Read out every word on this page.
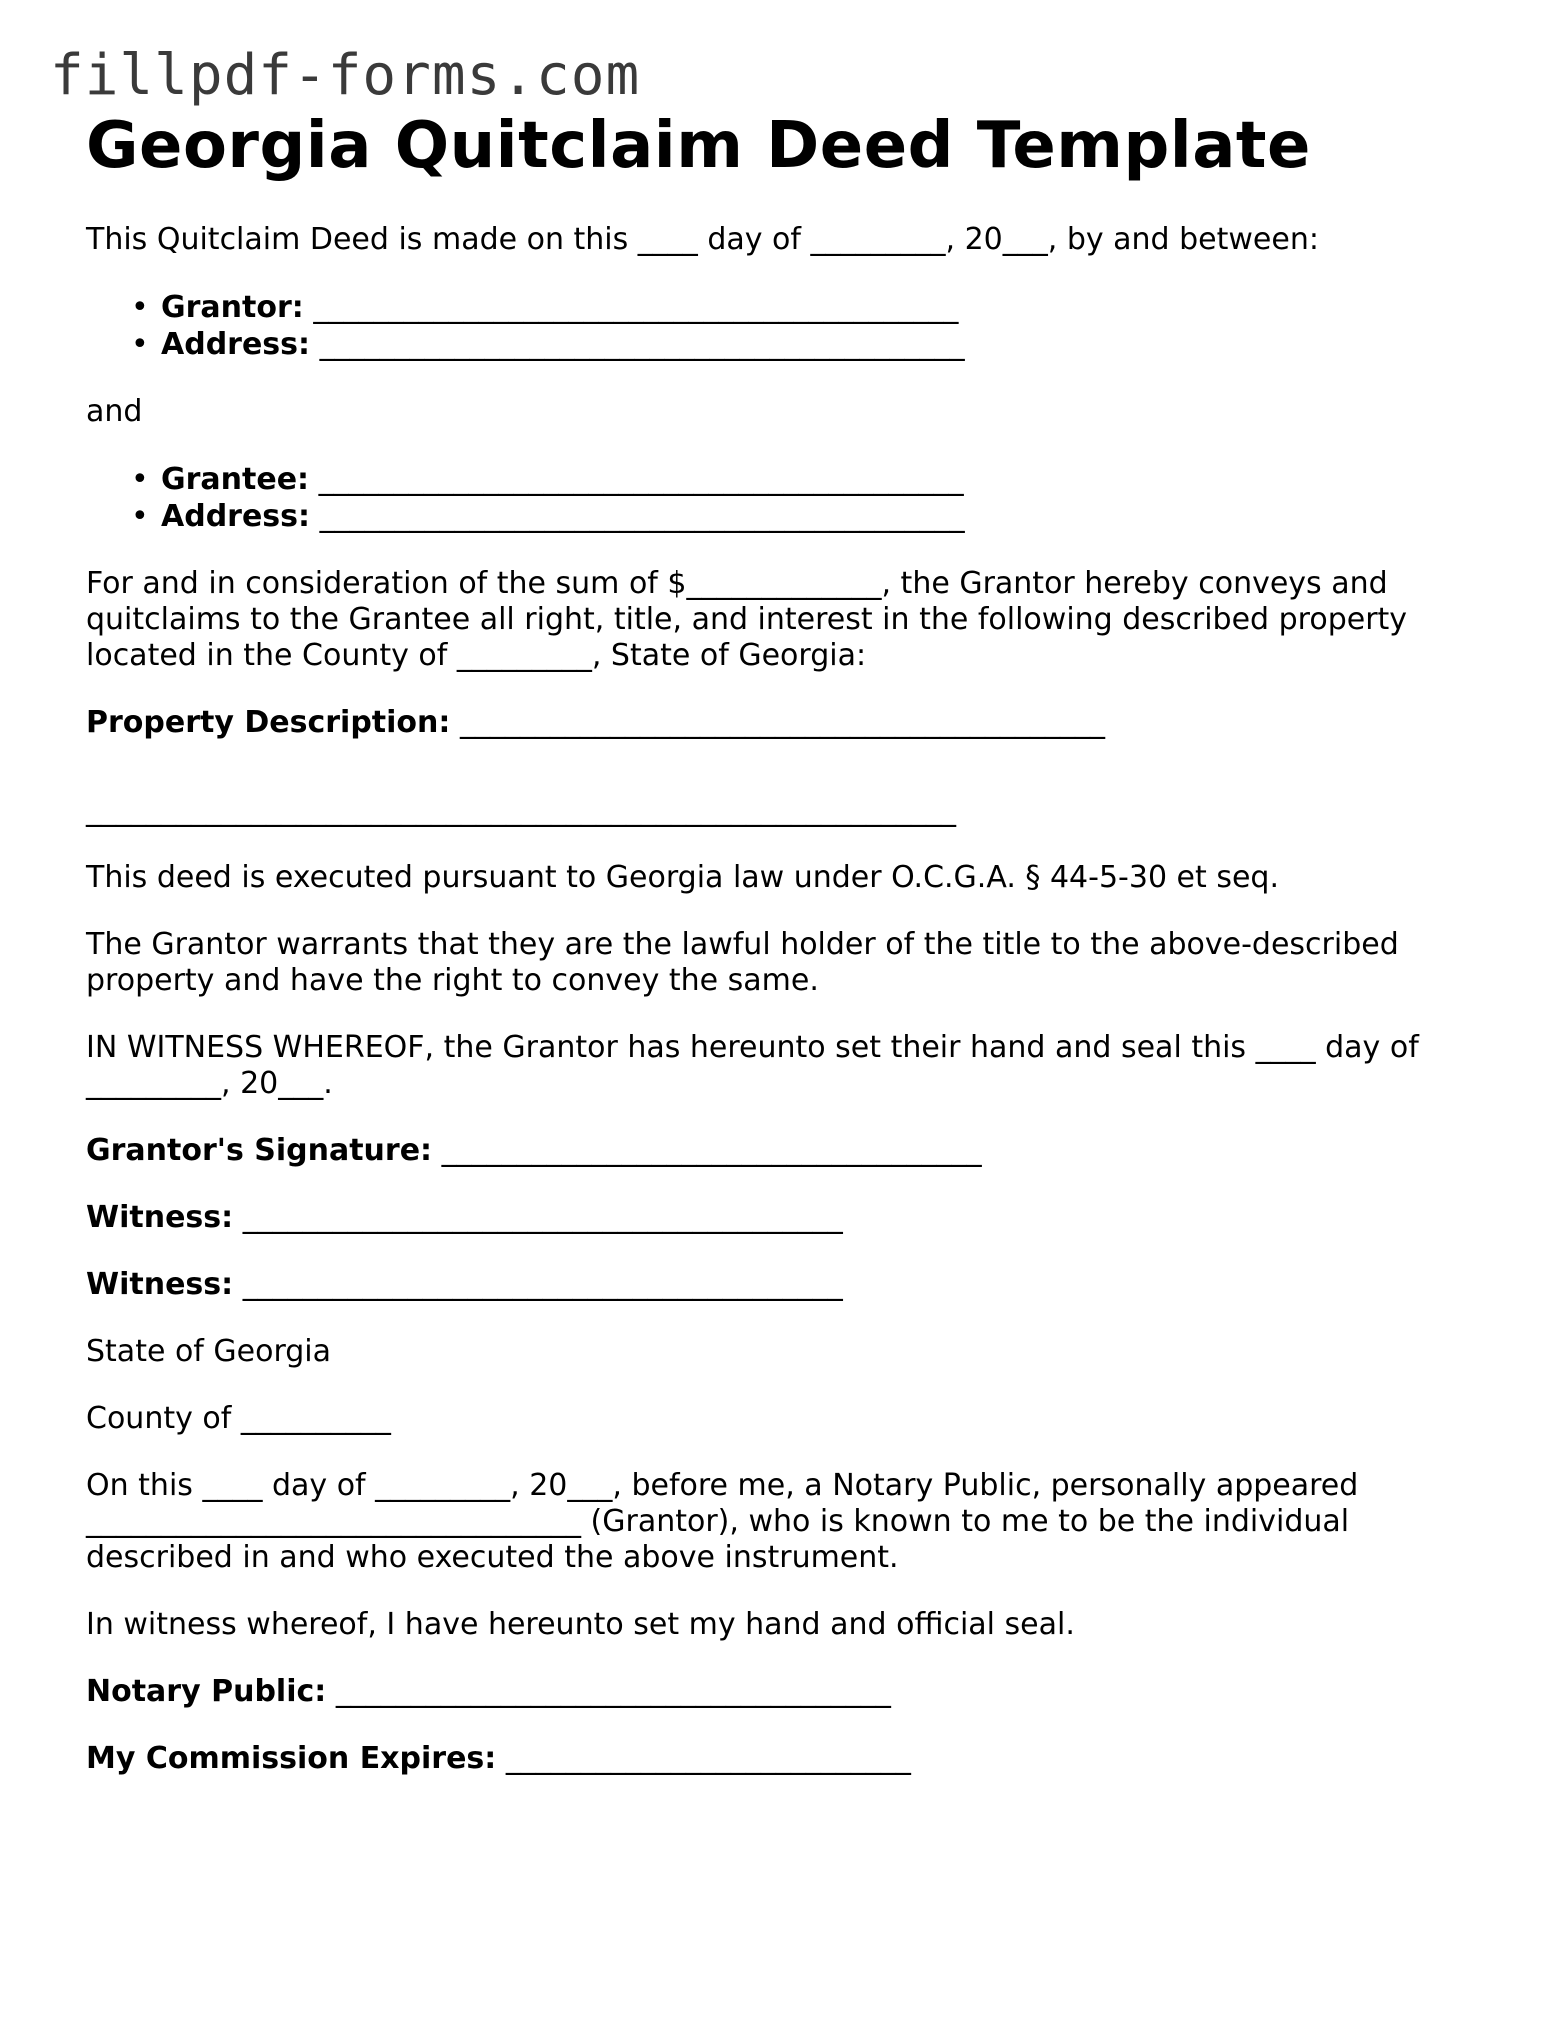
fillpdf-forms.com
Georgia Quitclaim Deed Template

This Quitclaim Deed is made on this ____ day of _________, 20___, by and between:

• Grantor: ___________________________________________
• Address: ___________________________________________

and

• Grantee: ___________________________________________
• Address: ___________________________________________

For and in consideration of the sum of $_____________, the Grantor hereby conveys and quitclaims to the Grantee all right, title, and interest in the following described property located in the County of _________, State of Georgia:

Property Description: ___________________________________________

__________________________________________________________

This deed is executed pursuant to Georgia law under O.C.G.A. § 44-5-30 et seq.

The Grantor warrants that they are the lawful holder of the title to the above-described property and have the right to convey the same.

IN WITNESS WHEREOF, the Grantor has hereunto set their hand and seal this ____ day of _________, 20___.

Grantor's Signature: ____________________________________

Witness: ________________________________________

Witness: ________________________________________

State of Georgia

County of __________

On this ____ day of _________, 20___, before me, a Notary Public, personally appeared _________________________________ (Grantor), who is known to me to be the individual described in and who executed the above instrument.

In witness whereof, I have hereunto set my hand and official seal.

Notary Public: _____________________________________

My Commission Expires: ___________________________
